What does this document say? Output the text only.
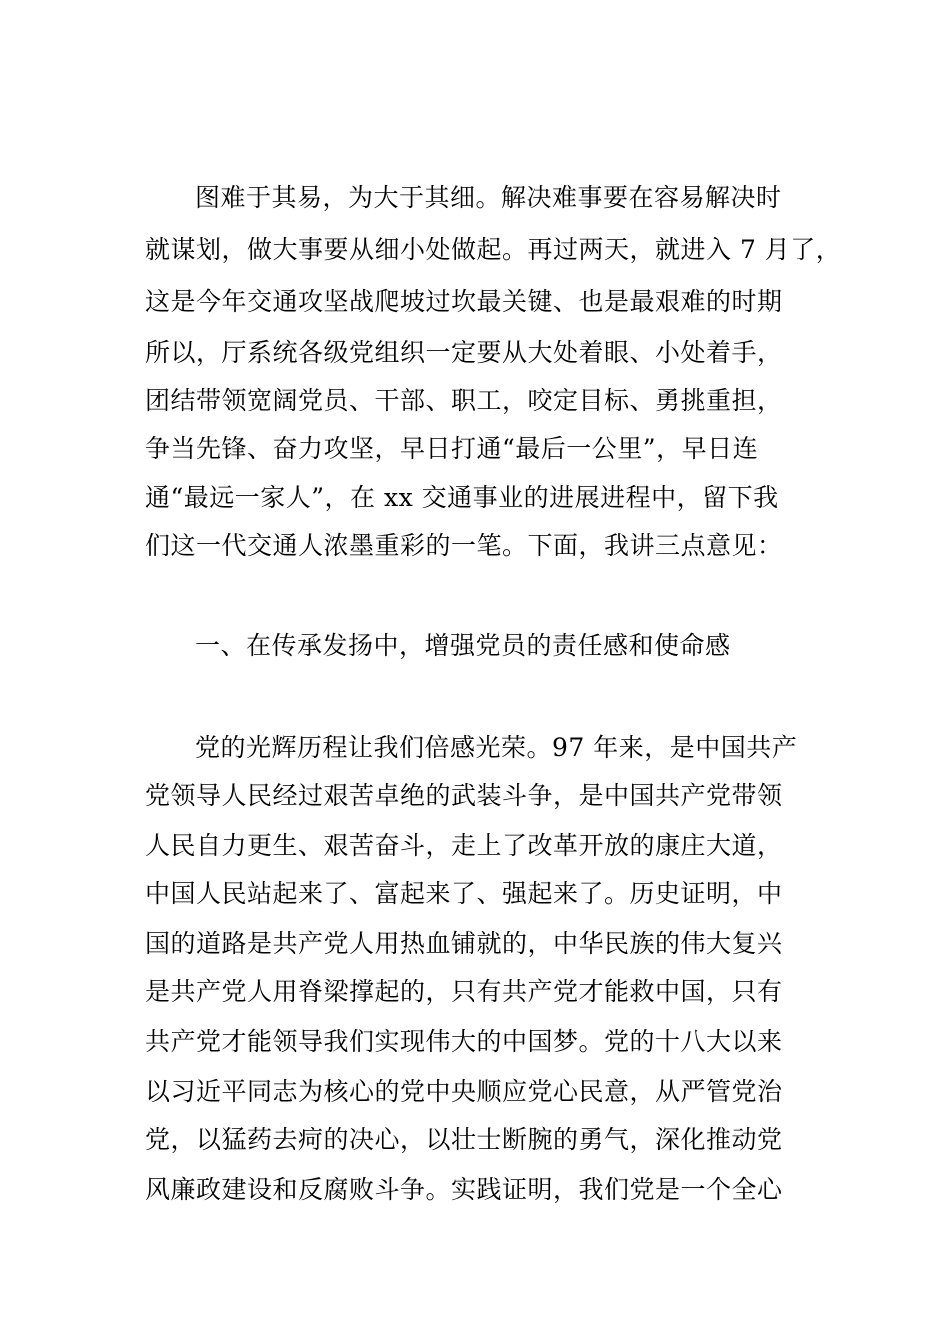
图难于其易，为大于其细。解决难事要在容易解决时
就谋划，做大事要从细小处做起。再过两天，就进入 7 月了，
这是今年交通攻坚战爬坡过坎最关键、也是最艰难的时期
所以，厅系统各级党组织一定要从大处着眼、小处着手，
团结带领宽阔党员、干部、职工，咬定目标、勇挑重担，
争当先锋、奋力攻坚，早日打通“最后一公里”，早日连
通“最远一家人”，在 xx 交通事业的进展进程中，留下我
们这一代交通人浓墨重彩的一笔。下面，我讲三点意见：
一、在传承发扬中，增强党员的责任感和使命感
党的光辉历程让我们倍感光荣。97 年来，是中国共产
党领导人民经过艰苦卓绝的武装斗争，是中国共产党带领
人民自力更生、艰苦奋斗，走上了改革开放的康庄大道，
中国人民站起来了、富起来了、强起来了。历史证明，中
国的道路是共产党人用热血铺就的，中华民族的伟大复兴
是共产党人用脊梁撑起的，只有共产党才能救中国，只有
共产党才能领导我们实现伟大的中国梦。党的十八大以来
以习近平同志为核心的党中央顺应党心民意，从严管党治
党，以猛药去疴的决心，以壮士断腕的勇气，深化推动党
风廉政建设和反腐败斗争。实践证明，我们党是一个全心
